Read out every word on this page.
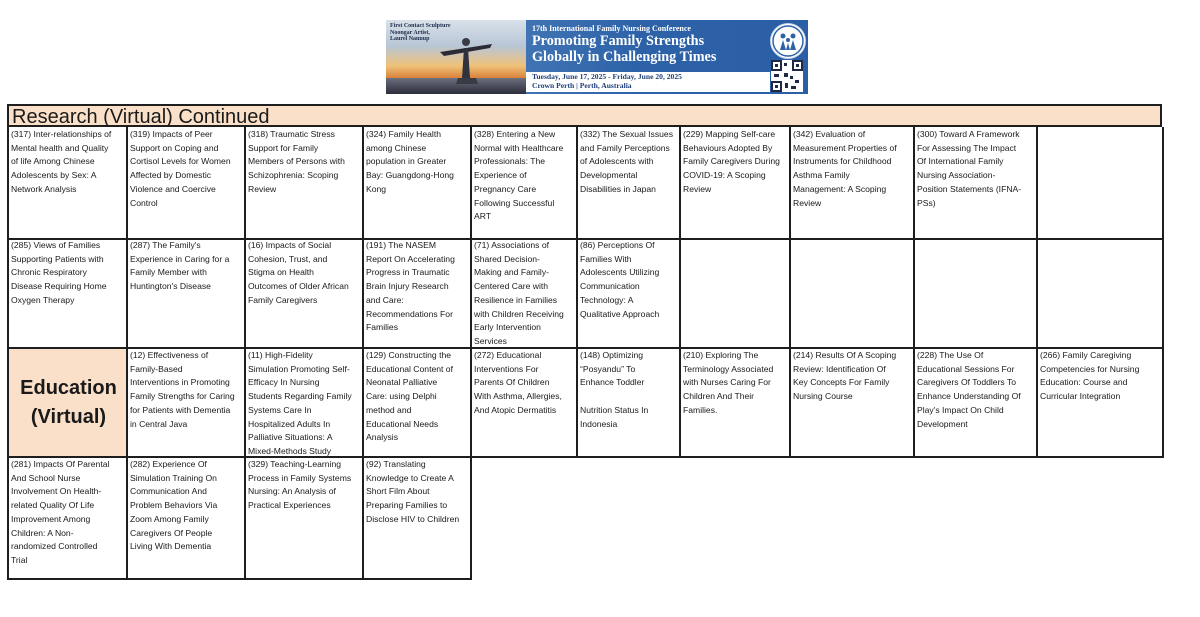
First Contact Sculpture
Noongar Artist,
Laurel Nannup
17th International Family Nursing Conference
Promoting Family Strengths
Globally in Challenging Times
Tuesday, June 17, 2025 - Friday, June 20, 2025
Crown Perth | Perth, Australia
Research (Virtual) Continued
(317) Inter-relationships of
Mental health and Quality
of life Among Chinese
Adolescents by Sex: A
Network Analysis
(319) Impacts of Peer
Support on Coping and
Cortisol Levels for Women
Affected by Domestic
Violence and Coercive
Control
(318) Traumatic Stress
Support for Family
Members of Persons with
Schizophrenia: Scoping
Review
(324) Family Health
among Chinese
population in Greater
Bay: Guangdong-Hong
Kong
(328) Entering a New
Normal with Healthcare
Professionals: The
Experience of
Pregnancy Care
Following Successful
ART
(332) The Sexual Issues
and Family Perceptions
of Adolescents with
Developmental
Disabilities in Japan
(229) Mapping Self-care
Behaviours Adopted By
Family Caregivers During
COVID-19: A Scoping
Review
(342) Evaluation of
Measurement Properties of
Instruments for Childhood
Asthma Family
Management: A Scoping
Review
(300) Toward A Framework
For Assessing The Impact
Of International Family
Nursing Association-
Position Statements (IFNA-
PSs)
(285) Views of Families
Supporting Patients with
Chronic Respiratory
Disease Requiring Home
Oxygen Therapy
(287) The Family's
Experience in Caring for a
Family Member with
Huntington's Disease
(16) Impacts of Social
Cohesion, Trust, and
Stigma on Health
Outcomes of Older African
Family Caregivers
(191) The NASEM
Report On Accelerating
Progress in Traumatic
Brain Injury Research
and Care:
Recommendations For
Families
(71) Associations of
Shared Decision-
Making and Family-
Centered Care with
Resilience in Families
with Children Receiving
Early Intervention
Services
(86) Perceptions Of
Families With
Adolescents Utilizing
Communication
Technology: A
Qualitative Approach
Education
(Virtual)
(12) Effectiveness of
Family-Based
Interventions in Promoting
Family Strengths for Caring
for Patients with Dementia
in Central Java
(11) High-Fidelity
Simulation Promoting Self-
Efficacy In Nursing
Students Regarding Family
Systems Care In
Hospitalized Adults In
Palliative Situations: A
Mixed-Methods Study
(129) Constructing the
Educational Content of
Neonatal Palliative
Care: using Delphi
method and
Educational Needs
Analysis
(272) Educational
Interventions For
Parents Of Children
With Asthma, Allergies,
And Atopic Dermatitis
(148) Optimizing
“Posyandu” To
Enhance Toddler

Nutrition Status In
Indonesia
(210) Exploring The
Terminology Associated
with Nurses Caring For
Children And Their
Families.
(214) Results Of A Scoping
Review: Identification Of
Key Concepts For Family
Nursing Course
(228) The Use Of
Educational Sessions For
Caregivers Of Toddlers To
Enhance Understanding Of
Play's Impact On Child
Development
(266) Family Caregiving
Competencies for Nursing
Education: Course and
Curricular Integration
(281) Impacts Of Parental
And School Nurse
Involvement On Health-
related Quality Of Life
Improvement Among
Children: A Non-
randomized Controlled
Trial
(282) Experience Of
Simulation Training On
Communication And
Problem Behaviors Via
Zoom Among Family
Caregivers Of People
Living With Dementia
(329) Teaching-Learning
Process in Family Systems
Nursing: An Analysis of
Practical Experiences
(92) Translating
Knowledge to Create A
Short Film About
Preparing Families to
Disclose HIV to Children
